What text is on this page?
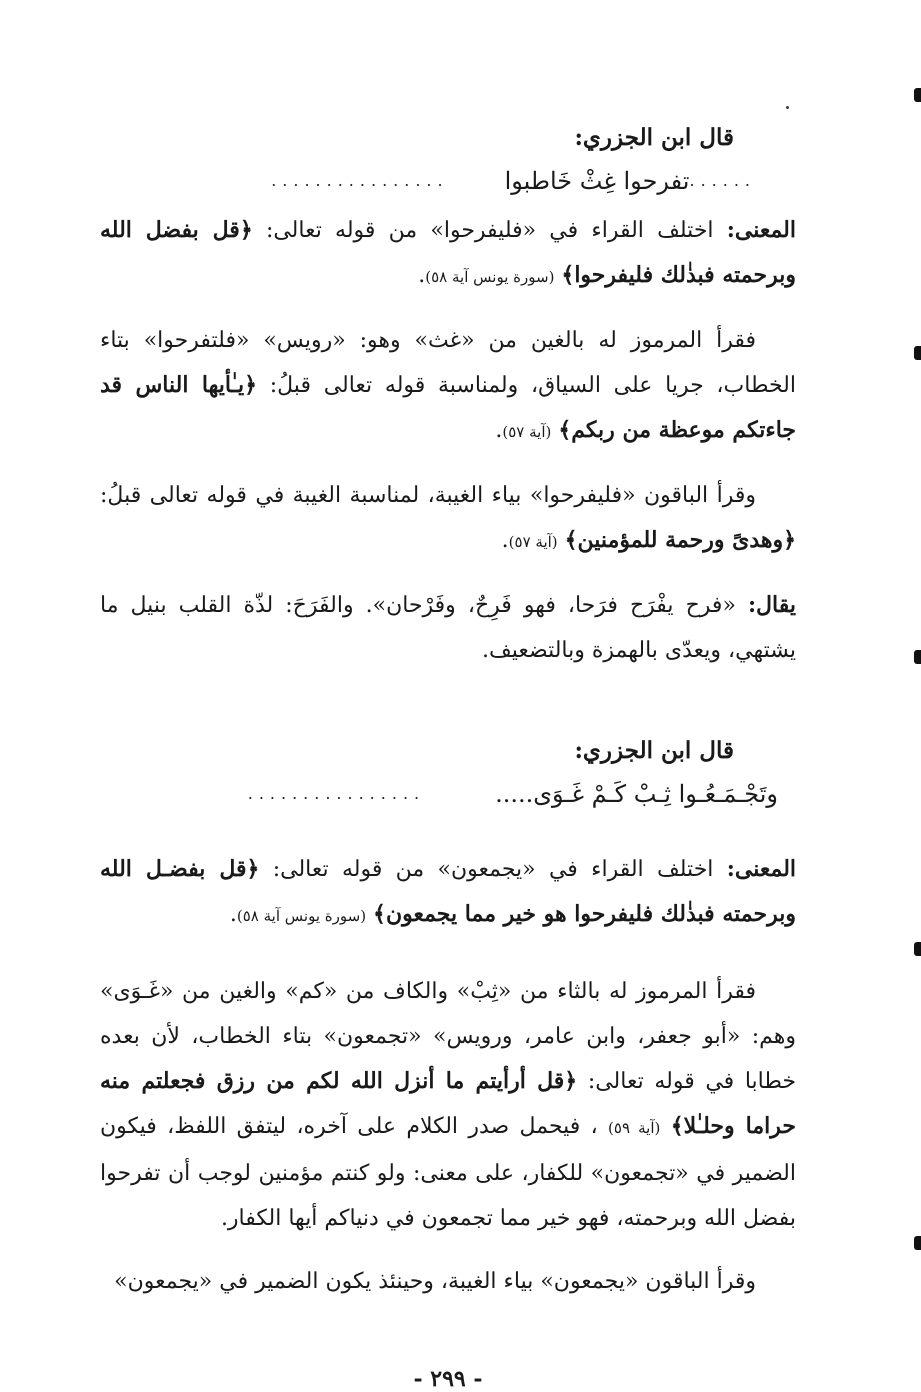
قال ابن الجزري:
......
تفرحوا غِثْ خَاطبوا
................

المعنى: اختلف القراء في «فليفرحوا» من قوله تعالى: ﴿قل بفضل الله وبرحمته فبذٰلك فليفرحوا﴾ (سورة يونس آية ٥٨).

فقرأ المرموز له بالغين من «غث» وهو: «رويس» «فلتفرحوا» بتاء الخطاب، جريا على السياق، ولمناسبة قوله تعالى قبلُ: ﴿يـٰأيها الناس قد جاءتكم موعظة من ربكم﴾ (آية ٥٧).

وقرأ الباقون «فليفرحوا» بياء الغيبة، لمناسبة الغيبة في قوله تعالى قبلُ: ﴿وهدىً ورحمة للمؤمنين﴾ (آية ٥٧).

يقال: «فرح يفْرَح فرَحا، فهو فَرِحٌ، وفَرْحان». والفَرَحَ: لذّة القلب بنيل ما يشتهي، ويعدّى بالهمزة وبالتضعيف.

قال ابن الجزري:
وتَجْـمَـعُـوا ثِـبْ كَـمْ غَـوَى.....
................

المعنى: اختلف القراء في «يجمعون» من قوله تعالى: ﴿قل بفضـل الله وبرحمته فبذٰلك فليفرحوا هو خير مما يجمعون﴾ (سورة يونس آية ٥٨).

فقرأ المرموز له بالثاء من «ثِبْ» والكاف من «كم» والغين من «غَـوَى» وهم: «أبو جعفر، وابن عامر، ورويس» «تجمعون» بتاء الخطاب، لأن بعده خطابا في قوله تعالى: ﴿قل أرأيتم ما أنزل الله لكم من رزق فجعلتم منه حراما وحلـٰلا﴾ (آية ٥٩) ، فيحمل صدر الكلام على آخره، ليتفق اللفظ، فيكون الضمير في «تجمعون» للكفار، على معنى: ولو كنتم مؤمنين لوجب أن تفرحوا بفضل الله وبرحمته، فهو خير مما تجمعون في دنياكم أيها الكفار.

وقرأ الباقون «يجمعون» بياء الغيبة، وحينئذ يكون الضمير في «يجمعون»

- ٢٩٩ -
